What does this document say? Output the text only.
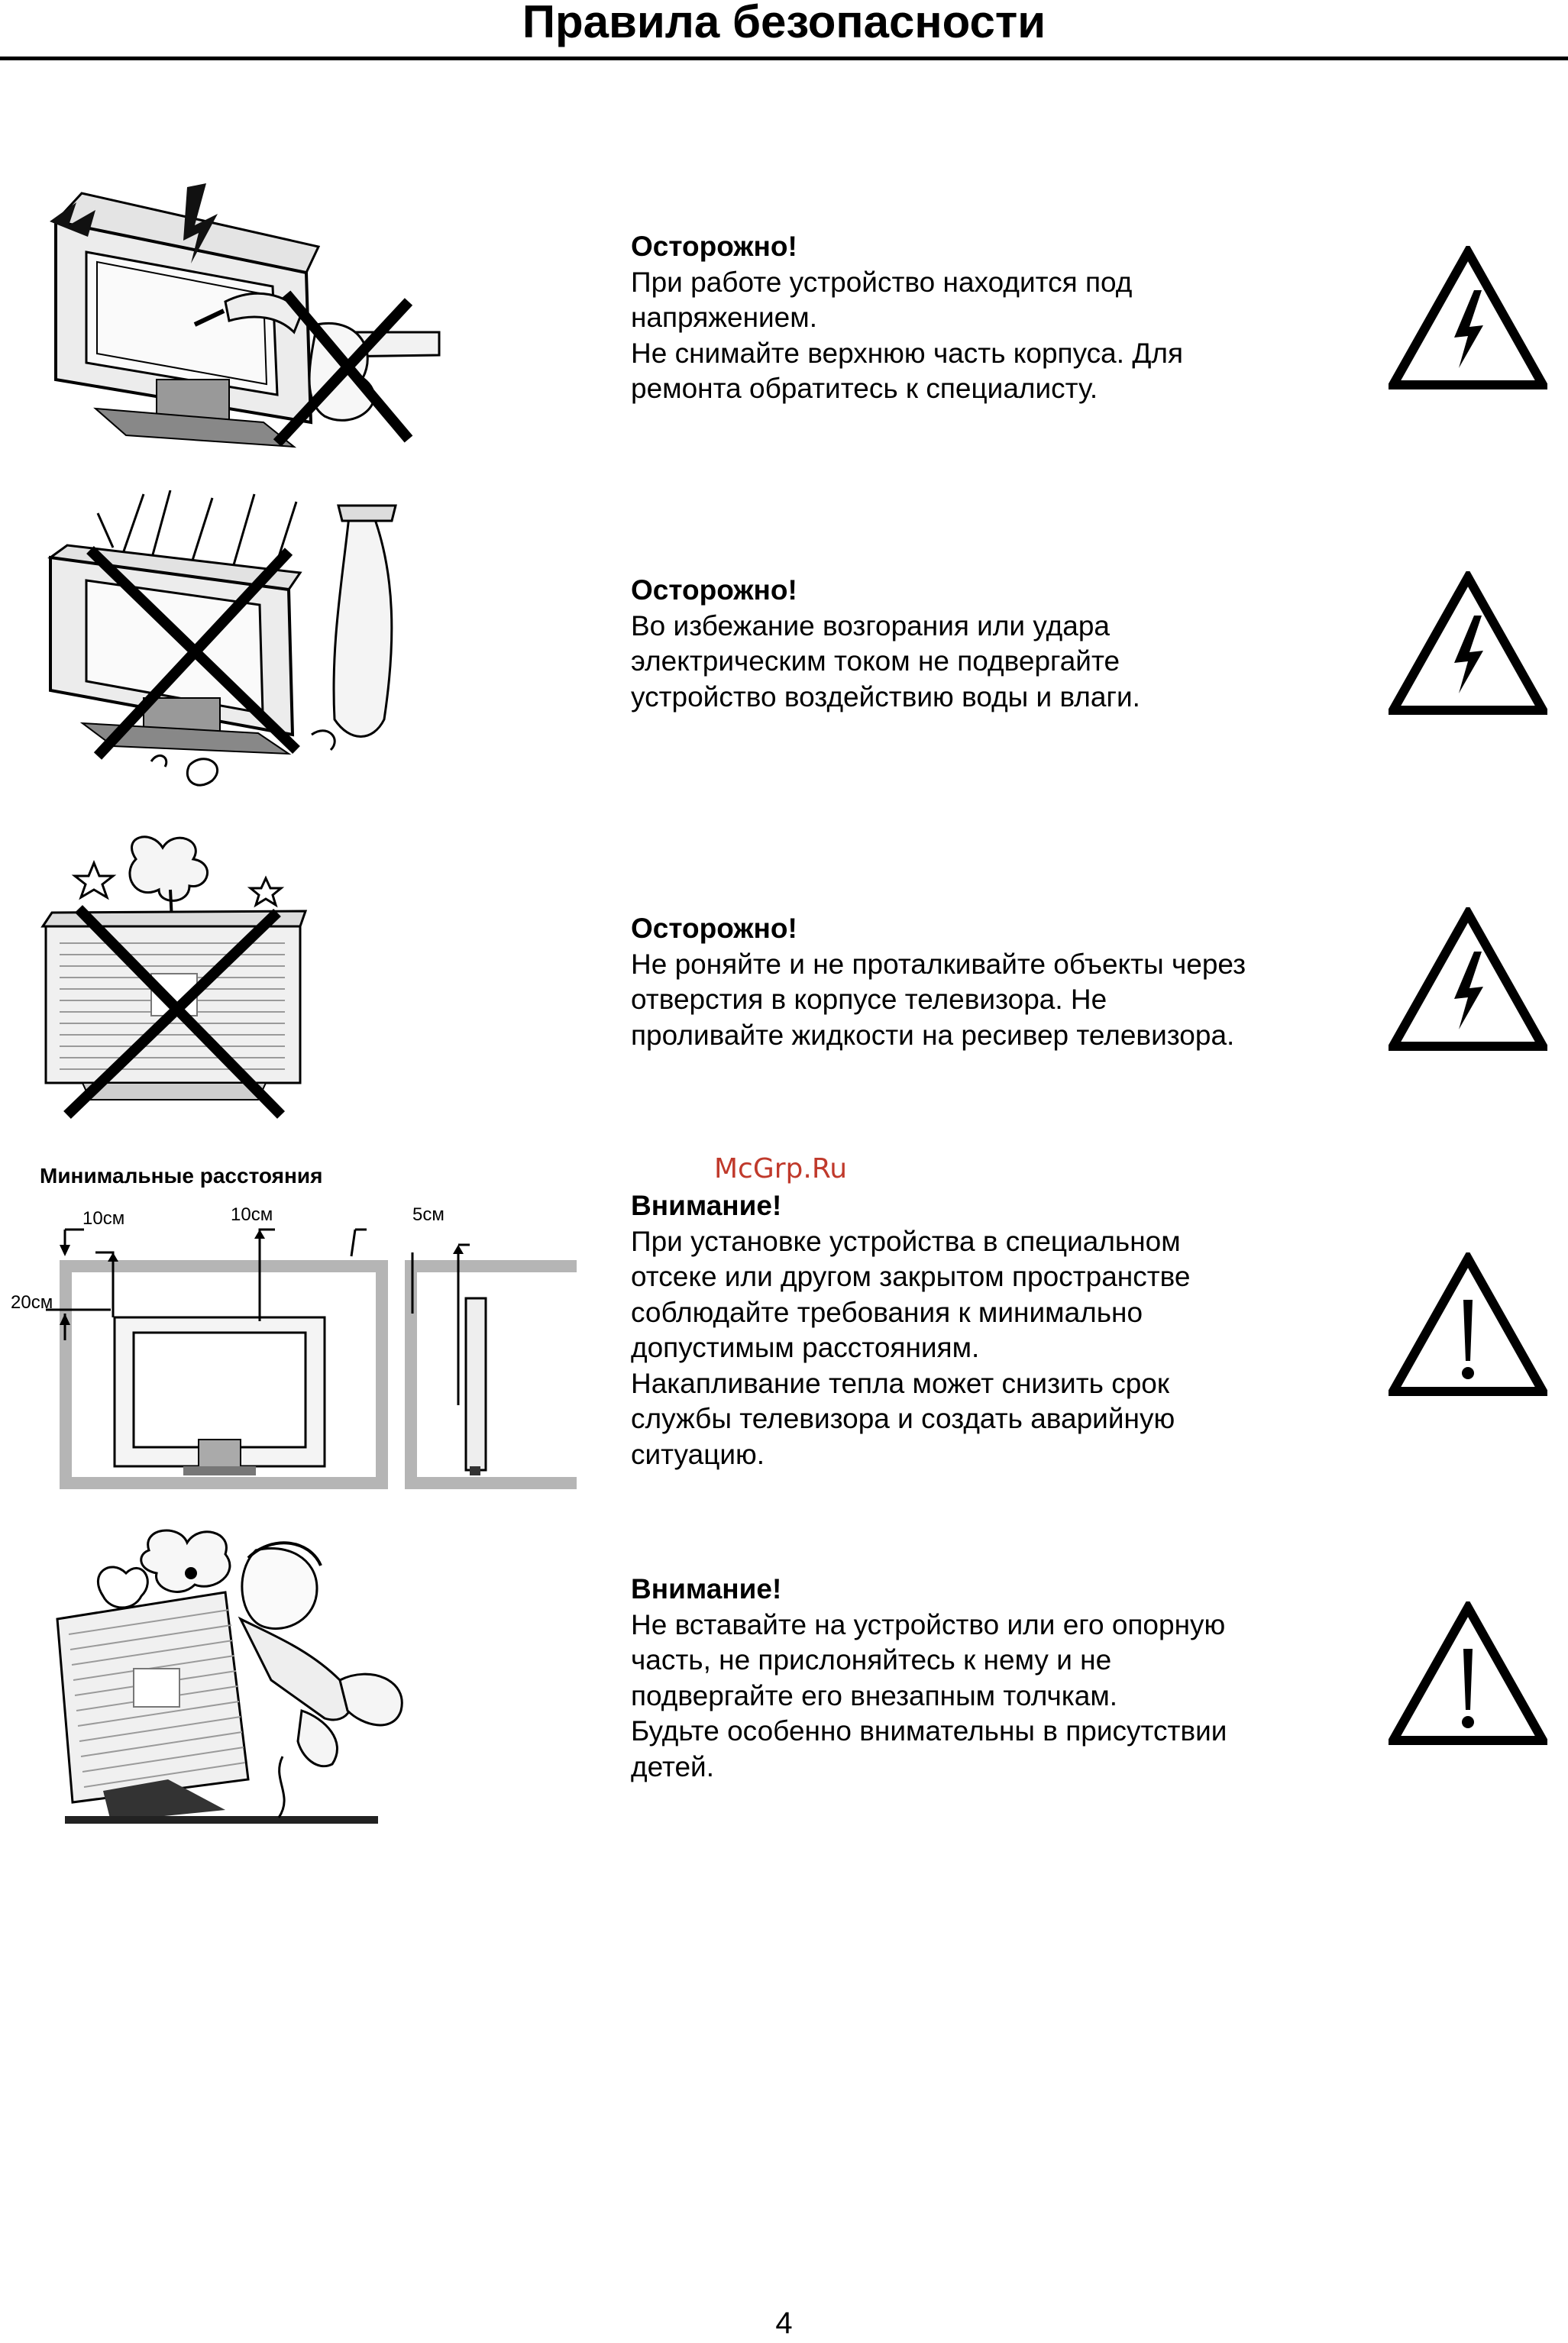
Правила безопасности
Минимальные расстояния
10см	10см	5см
20см
Осторожно!
При работе устройство находится под
напряжением.
Не снимайте верхнюю часть корпуса. Для
ремонта обратитесь к специалисту.
Осторожно!
Во избежание возгорания или удара
электрическим током не подвергайте
устройство воздействию воды и влаги.
Осторожно!
Не роняйте и не проталкивайте объекты через
отверстия в корпусе телевизора. Не
проливайте жидкости на ресивер телевизора.
McGrp.Ru
Внимание!
При установке устройства в специальном
отсеке или другом закрытом пространстве
соблюдайте требования к минимально
допустимым расстояниям.
Накапливание тепла может снизить срок
службы телевизора и создать аварийную
ситуацию.
Внимание!
Не вставайте на устройство или его опорную
часть, не прислоняйтесь к нему и не
подвергайте его внезапным толчкам.
Будьте особенно внимательны в присутствии
детей.
4
